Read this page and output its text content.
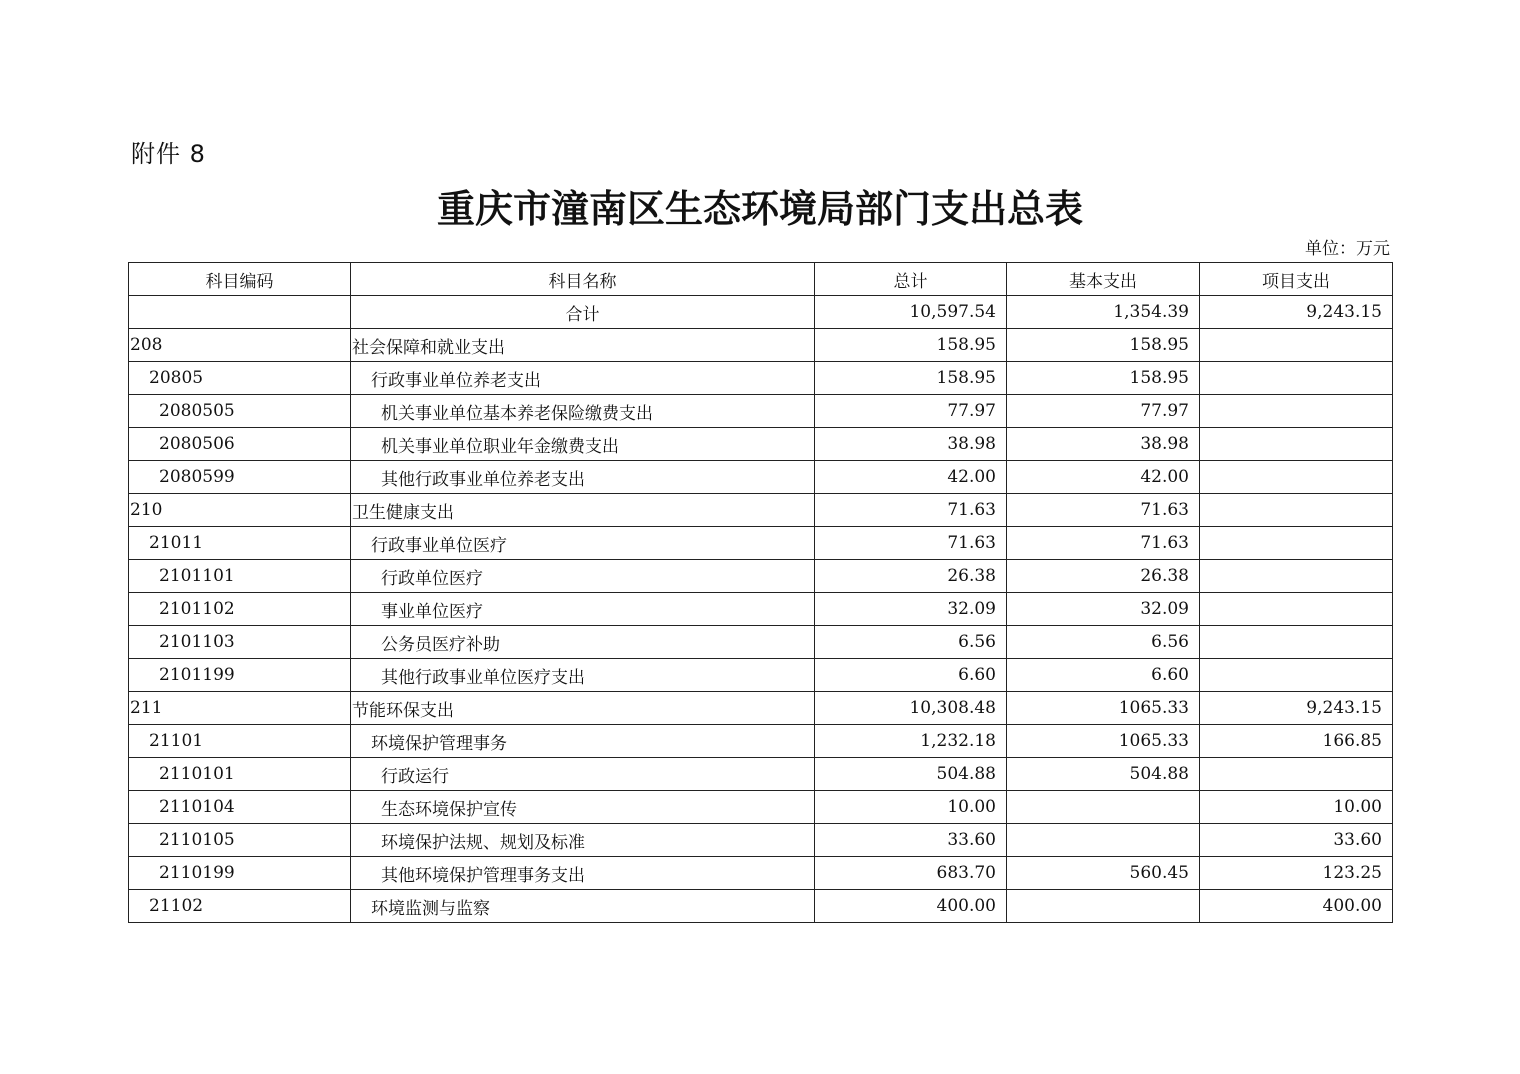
附件 8
重庆市潼南区生态环境局部门支出总表
单位：万元
科目编码	科目名称	总计	基本支出	项目支出
	合计	10,597.54	1,354.39	9,243.15
208	社会保障和就业支出	158.95	158.95	
20805	行政事业单位养老支出	158.95	158.95	
2080505	机关事业单位基本养老保险缴费支出	77.97	77.97	
2080506	机关事业单位职业年金缴费支出	38.98	38.98	
2080599	其他行政事业单位养老支出	42.00	42.00	
210	卫生健康支出	71.63	71.63	
21011	行政事业单位医疗	71.63	71.63	
2101101	行政单位医疗	26.38	26.38	
2101102	事业单位医疗	32.09	32.09	
2101103	公务员医疗补助	6.56	6.56	
2101199	其他行政事业单位医疗支出	6.60	6.60	
211	节能环保支出	10,308.48	1065.33	9,243.15
21101	环境保护管理事务	1,232.18	1065.33	166.85
2110101	行政运行	504.88	504.88	
2110104	生态环境保护宣传	10.00		10.00
2110105	环境保护法规、规划及标准	33.60		33.60
2110199	其他环境保护管理事务支出	683.70	560.45	123.25
21102	环境监测与监察	400.00		400.00
